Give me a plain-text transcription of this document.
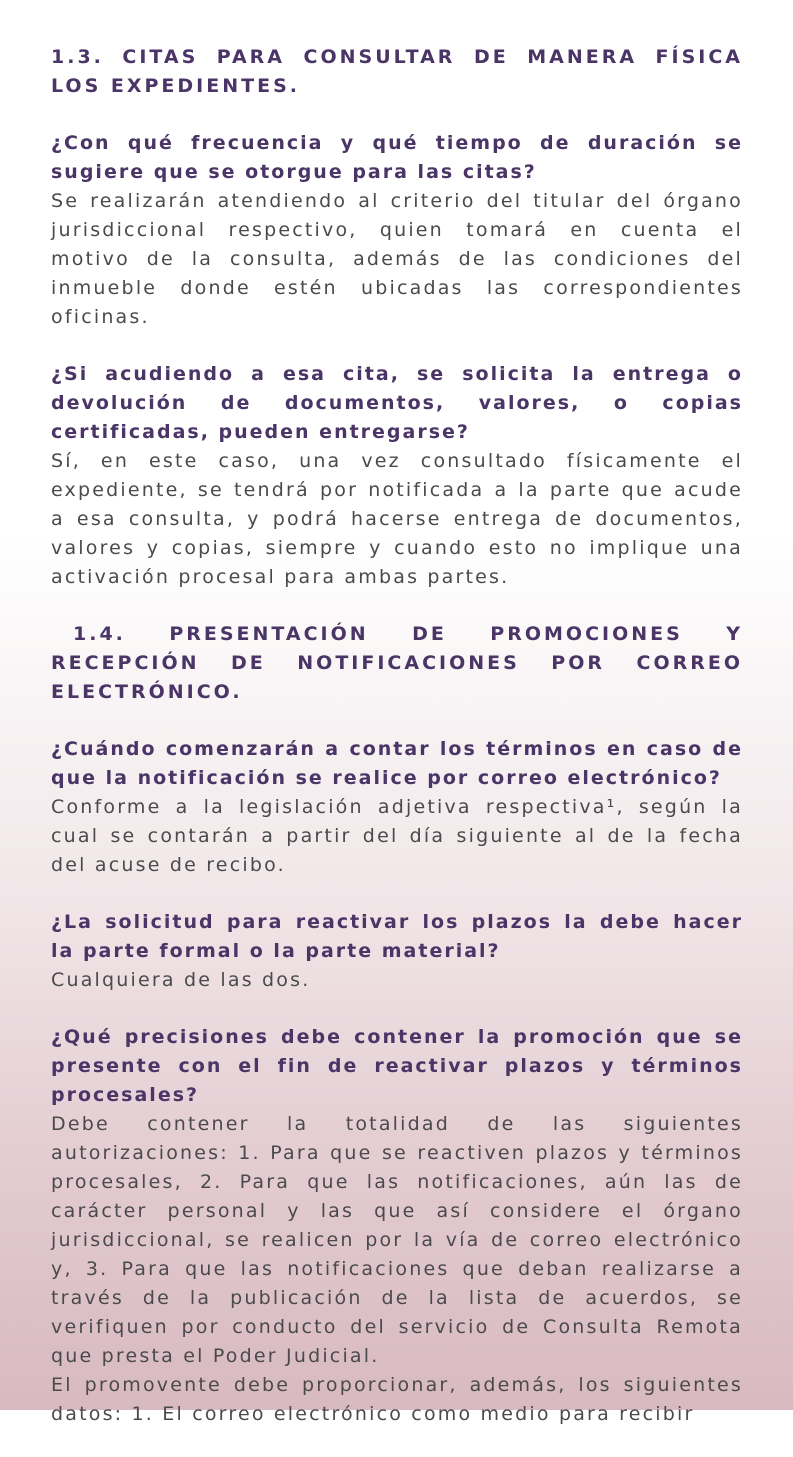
1.3. CITAS PARA CONSULTAR DE MANERA FÍSICA LOS EXPEDIENTES.

¿Con qué frecuencia y qué tiempo de duración se sugiere que se otorgue para las citas?

Se realizarán atendiendo al criterio del titular del órgano jurisdiccional respectivo, quien tomará en cuenta el motivo de la consulta, además de las condiciones del inmueble donde estén ubicadas las correspondientes oficinas.

¿Si acudiendo a esa cita, se solicita la entrega o devolución de documentos, valores, o copias certificadas, pueden entregarse?

Sí, en este caso, una vez consultado físicamente el expediente, se tendrá por notificada a la parte que acude a esa consulta, y podrá hacerse entrega de documentos, valores y copias, siempre y cuando esto no implique una activación procesal para ambas partes.

1.4. PRESENTACIÓN DE PROMOCIONES Y RECEPCIÓN DE NOTIFICACIONES POR CORREO ELECTRÓNICO.

¿Cuándo comenzarán a contar los términos en caso de que la notificación se realice por correo electrónico?

Conforme a la legislación adjetiva respectiva¹, según la cual se contarán a partir del día siguiente al de la fecha del acuse de recibo.

¿La solicitud para reactivar los plazos la debe hacer la parte formal o la parte material?

Cualquiera de las dos.

¿Qué precisiones debe contener la promoción que se presente con el fin de reactivar plazos y términos procesales?

Debe contener la totalidad de las siguientes autorizaciones: 1. Para que se reactiven plazos y términos procesales, 2. Para que las notificaciones, aún las de carácter personal y las que así considere el órgano jurisdiccional, se realicen por la vía de correo electrónico y, 3. Para que las notificaciones que deban realizarse a través de la publicación de la lista de acuerdos, se verifiquen por conducto del servicio de Consulta Remota que presta el Poder Judicial.

El promovente debe proporcionar, además, los siguientes datos: 1. El correo electrónico como medio para recibir
